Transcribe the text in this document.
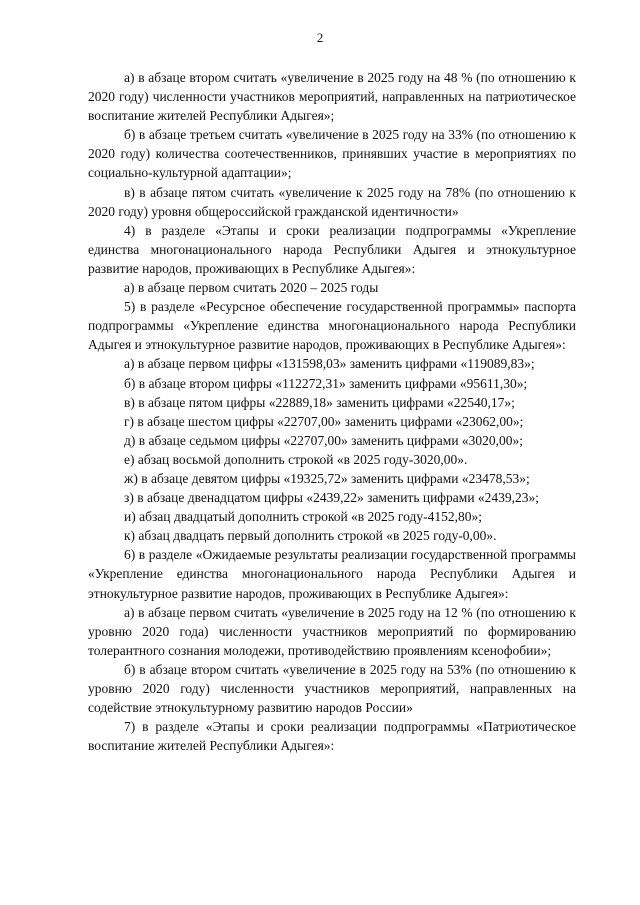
2

а) в абзаце втором считать «увеличение в 2025 году на 48 % (по отношению к 2020 году) численности участников мероприятий, направленных на патриотическое воспитание жителей Республики Адыгея»;

б) в абзаце третьем считать «увеличение в 2025 году на 33% (по отношению к 2020 году) количества соотечественников, принявших участие в мероприятиях по социально-культурной адаптации»;

в) в абзаце пятом считать «увеличение к 2025 году на 78% (по отношению к 2020 году) уровня общероссийской гражданской идентичности»

4) в разделе «Этапы и сроки реализации подпрограммы «Укрепление единства многонационального народа Республики Адыгея и этнокультурное развитие народов, проживающих в Республике Адыгея»:

а) в абзаце первом считать 2020 – 2025 годы

5) в разделе «Ресурсное обеспечение государственной программы» паспорта подпрограммы «Укрепление единства многонационального народа Республики Адыгея и этнокультурное развитие народов, проживающих в Республике Адыгея»:

а) в абзаце первом цифры «131598,03» заменить цифрами «119089,83»;

б) в абзаце втором цифры «112272,31» заменить цифрами «95611,30»;

в) в абзаце пятом цифры «22889,18» заменить цифрами «22540,17»;

г) в абзаце шестом цифры «22707,00» заменить цифрами «23062,00»;

д) в абзаце седьмом цифры «22707,00» заменить цифрами «3020,00»;

е) абзац восьмой дополнить строкой «в 2025 году-3020,00».

ж) в абзаце девятом цифры «19325,72» заменить цифрами «23478,53»;

з) в абзаце двенадцатом цифры «2439,22» заменить цифрами «2439,23»;

и) абзац двадцатый дополнить строкой «в 2025 году-4152,80»;

к) абзац двадцать первый дополнить строкой «в 2025 году-0,00».

6) в разделе «Ожидаемые результаты реализации государственной программы «Укрепление единства многонационального народа Республики Адыгея и этнокультурное развитие народов, проживающих в Республике Адыгея»:

а) в абзаце первом считать «увеличение в 2025 году на 12 % (по отношению к уровню 2020 года) численности участников мероприятий по формированию толерантного сознания молодежи, противодействию проявлениям ксенофобии»;

б) в абзаце втором считать «увеличение в 2025 году на 53% (по отношению к уровню 2020 году) численности участников мероприятий, направленных на содействие этнокультурному развитию народов России»

7) в разделе «Этапы и сроки реализации подпрограммы «Патриотическое воспитание жителей Республики Адыгея»:
